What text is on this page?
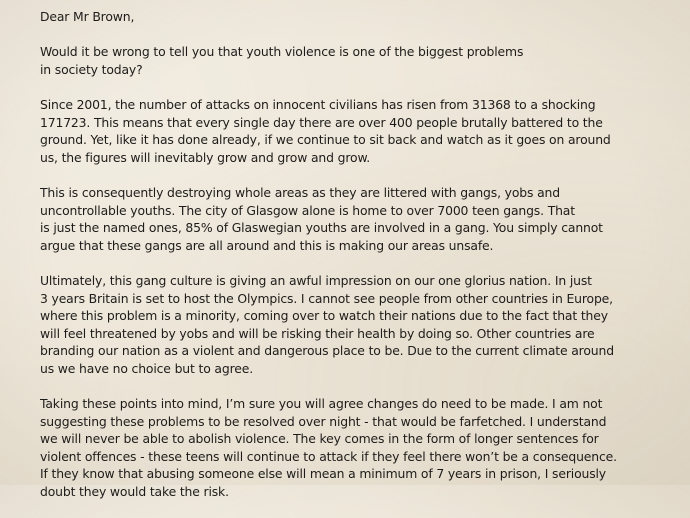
Dear Mr Brown,
Would it be wrong to tell you that youth violence is one of the biggest problems
in society today?
Since 2001, the number of attacks on innocent civilians has risen from 31368 to a shocking
171723. This means that every single day there are over 400 people brutally battered to the
ground. Yet, like it has done already, if we continue to sit back and watch as it goes on around
us, the figures will inevitably grow and grow and grow.
This is consequently destroying whole areas as they are littered with gangs, yobs and
uncontrollable youths. The city of Glasgow alone is home to over 7000 teen gangs. That
is just the named ones, 85% of Glaswegian youths are involved in a gang. You simply cannot
argue that these gangs are all around and this is making our areas unsafe.
Ultimately, this gang culture is giving an awful impression on our one glorius nation. In just
3 years Britain is set to host the Olympics. I cannot see people from other countries in Europe,
where this problem is a minority, coming over to watch their nations due to the fact that they
will feel threatened by yobs and will be risking their health by doing so. Other countries are
branding our nation as a violent and dangerous place to be. Due to the current climate around
us we have no choice but to agree.
Taking these points into mind, I’m sure you will agree changes do need to be made. I am not
suggesting these problems to be resolved over night - that would be farfetched. I understand
we will never be able to abolish violence. The key comes in the form of longer sentences for
violent offences - these teens will continue to attack if they feel there won’t be a consequence.
If they know that abusing someone else will mean a minimum of 7 years in prison, I seriously
doubt they would take the risk.
